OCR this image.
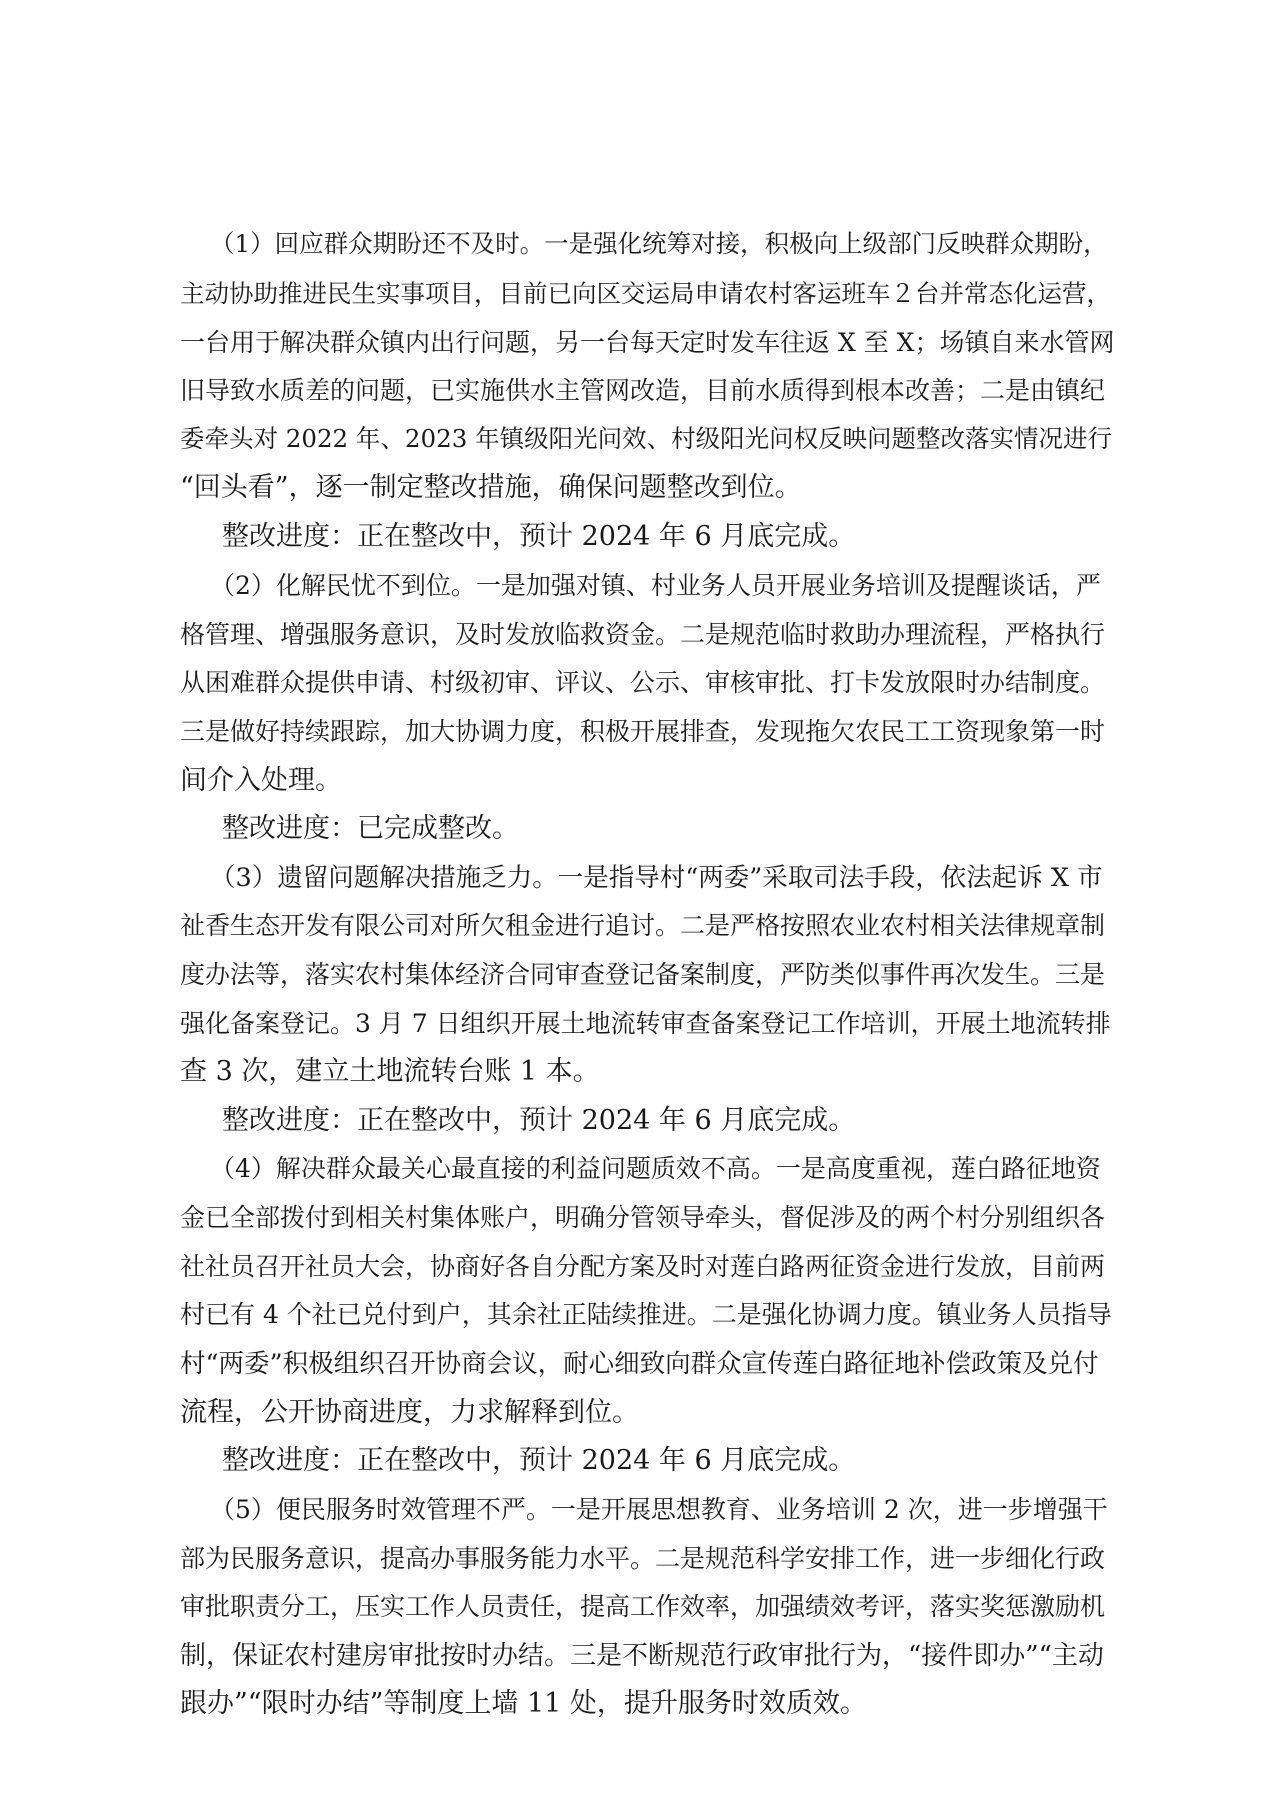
（1）回应群众期盼还不及时。一是强化统筹对接，积极向上级部门反映群众期盼，
主动协助推进民生实事项目，目前已向区交运局申请农村客运班车２台并常态化运营，
一台用于解决群众镇内出行问题，另一台每天定时发车往返 X 至 X；场镇自来水管网
旧导致水质差的问题，已实施供水主管网改造，目前水质得到根本改善；二是由镇纪
委牵头对 2022 年、2023 年镇级阳光问效、村级阳光问权反映问题整改落实情况进行
“回头看”，逐一制定整改措施，确保问题整改到位。
整改进度：正在整改中，预计 2024 年 6 月底完成。
（2）化解民忧不到位。一是加强对镇、村业务人员开展业务培训及提醒谈话，严
格管理、增强服务意识，及时发放临救资金。二是规范临时救助办理流程，严格执行
从困难群众提供申请、村级初审、评议、公示、审核审批、打卡发放限时办结制度。
三是做好持续跟踪，加大协调力度，积极开展排查，发现拖欠农民工工资现象第一时
间介入处理。
整改进度：已完成整改。
（3）遗留问题解决措施乏力。一是指导村“两委”采取司法手段，依法起诉 X 市
祉香生态开发有限公司对所欠租金进行追讨。二是严格按照农业农村相关法律规章制
度办法等，落实农村集体经济合同审查登记备案制度，严防类似事件再次发生。三是
强化备案登记。3 月 7 日组织开展土地流转审查备案登记工作培训，开展土地流转排
查 3 次，建立土地流转台账 1 本。
整改进度：正在整改中，预计 2024 年 6 月底完成。
（4）解决群众最关心最直接的利益问题质效不高。一是高度重视，莲白路征地资
金已全部拨付到相关村集体账户，明确分管领导牵头，督促涉及的两个村分别组织各
社社员召开社员大会，协商好各自分配方案及时对莲白路两征资金进行发放，目前两
村已有 4 个社已兑付到户，其余社正陆续推进。二是强化协调力度。镇业务人员指导
村“两委”积极组织召开协商会议，耐心细致向群众宣传莲白路征地补偿政策及兑付
流程，公开协商进度，力求解释到位。
整改进度：正在整改中，预计 2024 年 6 月底完成。
（5）便民服务时效管理不严。一是开展思想教育、业务培训 2 次，进一步增强干
部为民服务意识，提高办事服务能力水平。二是规范科学安排工作，进一步细化行政
审批职责分工，压实工作人员责任，提高工作效率，加强绩效考评，落实奖惩激励机
制，保证农村建房审批按时办结。三是不断规范行政审批行为，“接件即办”“主动
跟办”“限时办结”等制度上墙 11 处，提升服务时效质效。
